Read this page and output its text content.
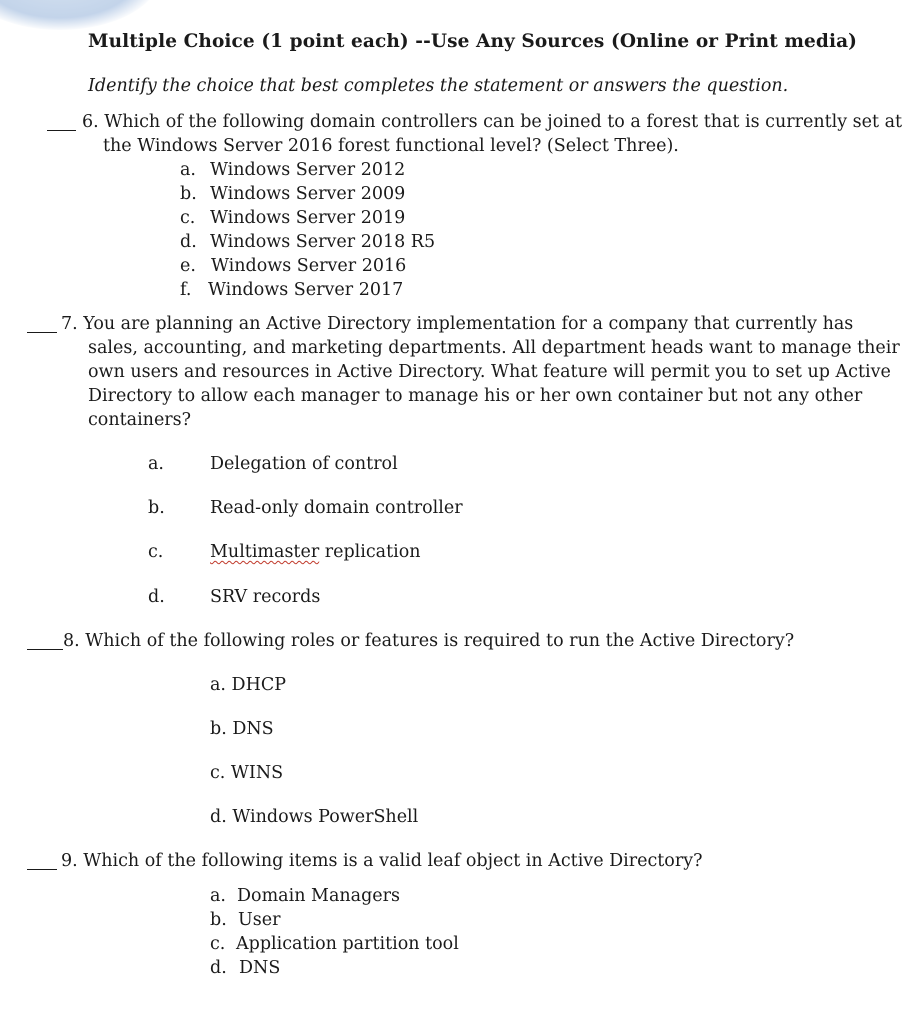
Multiple Choice (1 point each) --Use Any Sources (Online or Print media)
Identify the choice that best completes the statement or answers the question.
6. Which of the following domain controllers can be joined to a forest that is currently set at
the Windows Server 2016 forest functional level? (Select Three).
a. Windows Server 2012
b. Windows Server 2009
c. Windows Server 2019
d. Windows Server 2018 R5
e. Windows Server 2016
f. Windows Server 2017
7. You are planning an Active Directory implementation for a company that currently has
sales, accounting, and marketing departments. All department heads want to manage their
own users and resources in Active Directory. What feature will permit you to set up Active
Directory to allow each manager to manage his or her own container but not any other
containers?
a.	Delegation of control
b.	Read-only domain controller
c.	Multimaster replication
d.	SRV records
8. Which of the following roles or features is required to run the Active Directory?
a. DHCP
b. DNS
c. WINS
d. Windows PowerShell
9. Which of the following items is a valid leaf object in Active Directory?
a. Domain Managers
b. User
c. Application partition tool
d. DNS
